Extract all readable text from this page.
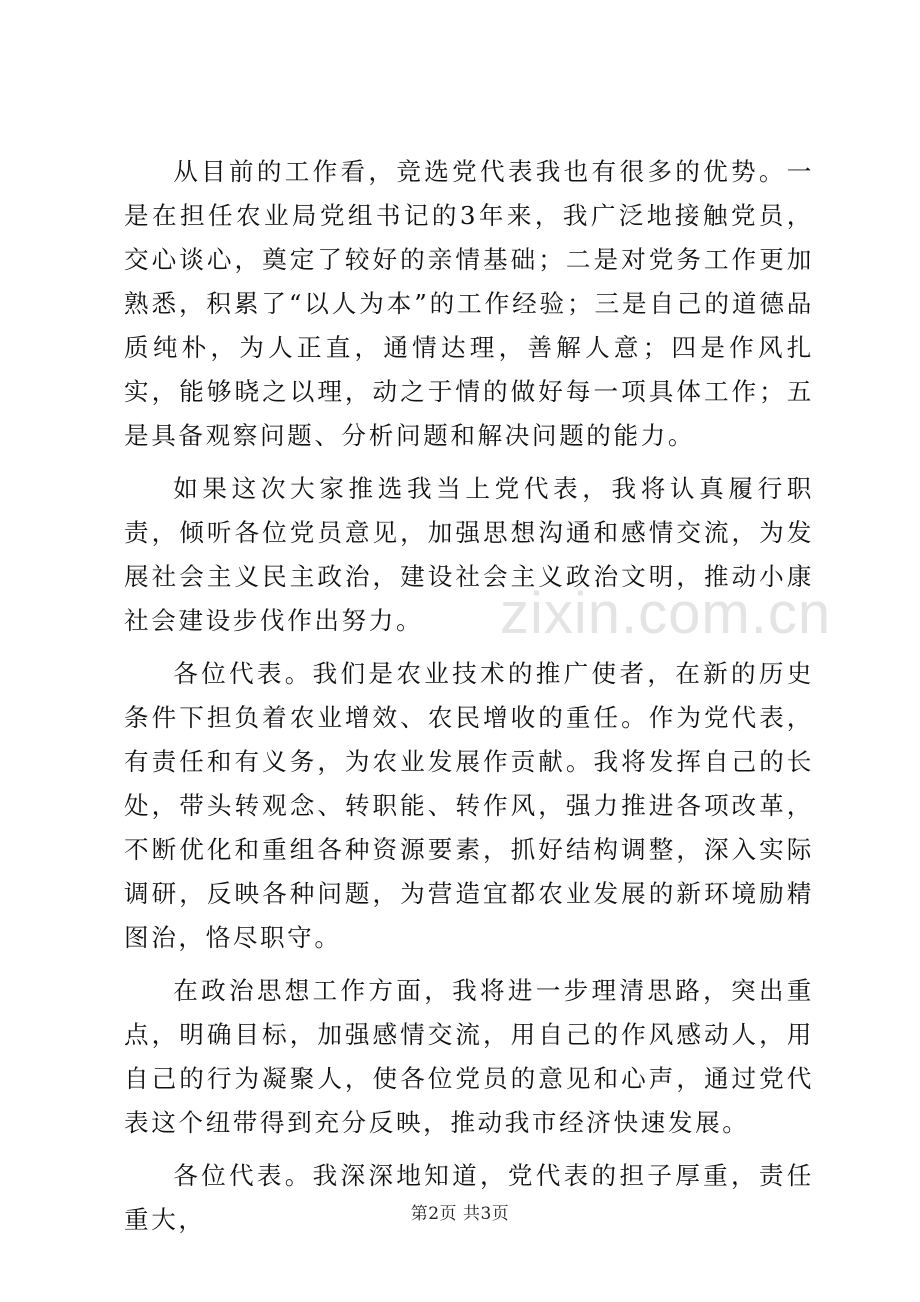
zixin.com.cn

从目前的工作看，竞选党代表我也有很多的优势。一是在担任农业局党组书记的3年来，我广泛地接触党员，交心谈心，奠定了较好的亲情基础；二是对党务工作更加熟悉，积累了“以人为本”的工作经验；三是自己的道德品质纯朴，为人正直，通情达理，善解人意；四是作风扎实，能够晓之以理，动之于情的做好每一项具体工作；五是具备观察问题、分析问题和解决问题的能力。

如果这次大家推选我当上党代表，我将认真履行职责，倾听各位党员意见，加强思想沟通和感情交流，为发展社会主义民主政治，建设社会主义政治文明，推动小康社会建设步伐作出努力。

各位代表。我们是农业技术的推广使者，在新的历史条件下担负着农业增效、农民增收的重任。作为党代表，有责任和有义务，为农业发展作贡献。我将发挥自己的长处，带头转观念、转职能、转作风，强力推进各项改革，不断优化和重组各种资源要素，抓好结构调整，深入实际调研，反映各种问题，为营造宜都农业发展的新环境励精图治，恪尽职守。

在政治思想工作方面，我将进一步理清思路，突出重点，明确目标，加强感情交流，用自己的作风感动人，用自己的行为凝聚人，使各位党员的意见和心声，通过党代表这个纽带得到充分反映，推动我市经济快速发展。

各位代表。我深深地知道，党代表的担子厚重，责任重大，	第2页 共3页
